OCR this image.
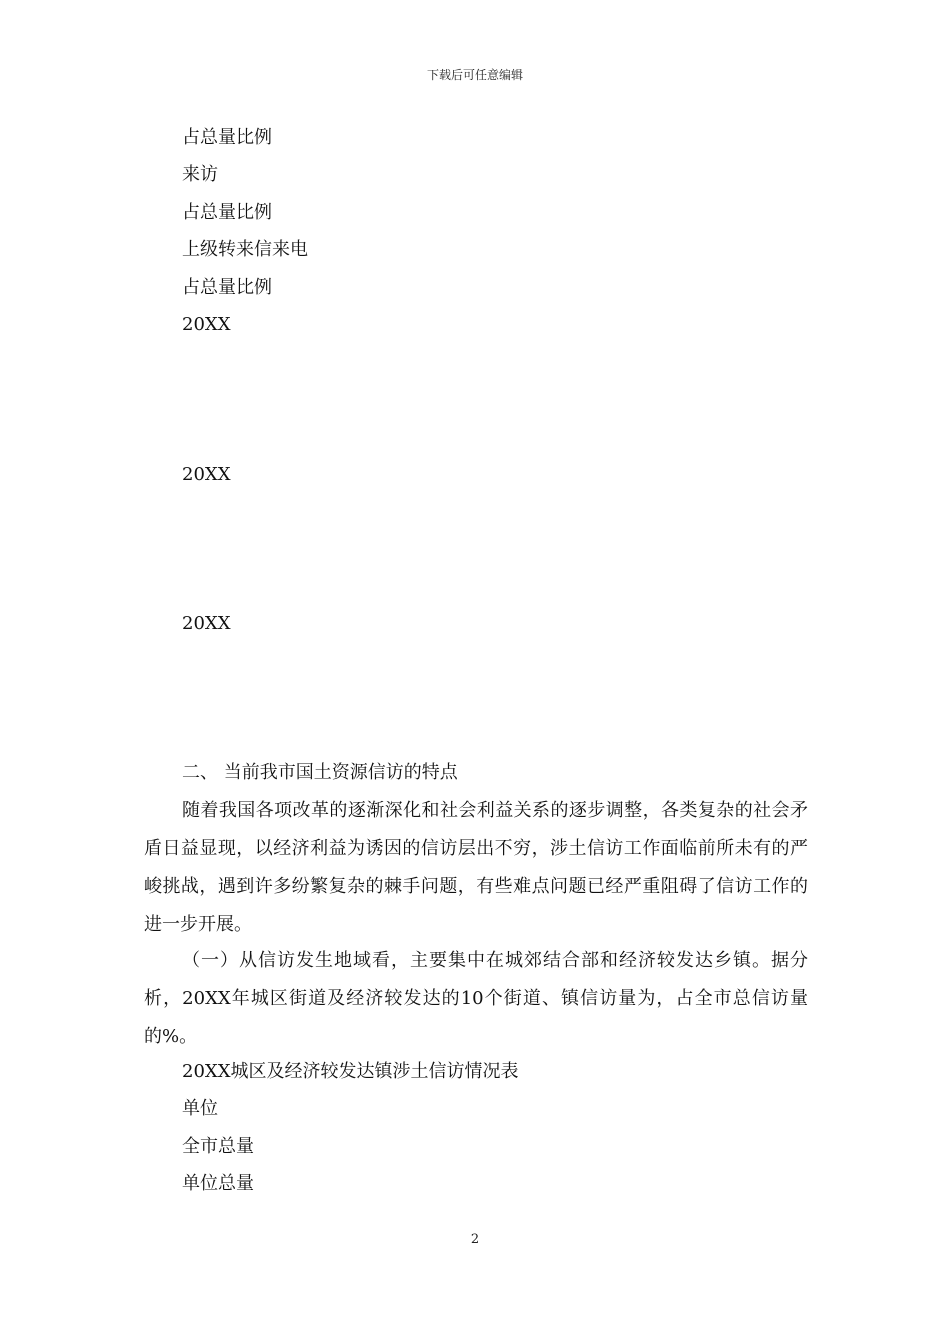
下载后可任意编辑
占总量比例
来访
占总量比例
上级转来信来电
占总量比例
20XX
20XX
20XX
二、 当前我市国土资源信访的特点

随着我国各项改革的逐渐深化和社会利益关系的逐步调整，各类复杂的社会矛盾日益显现，以经济利益为诱因的信访层出不穷，涉土信访工作面临前所未有的严峻挑战，遇到许多纷繁复杂的棘手问题，有些难点问题已经严重阻碍了信访工作的进一步开展。

（一）从信访发生地域看，主要集中在城郊结合部和经济较发达乡镇。据分析，20XX年城区街道及经济较发达的10个街道、镇信访量为，占全市总信访量的%。

20XX城区及经济较发达镇涉土信访情况表
单位
全市总量
单位总量
2
